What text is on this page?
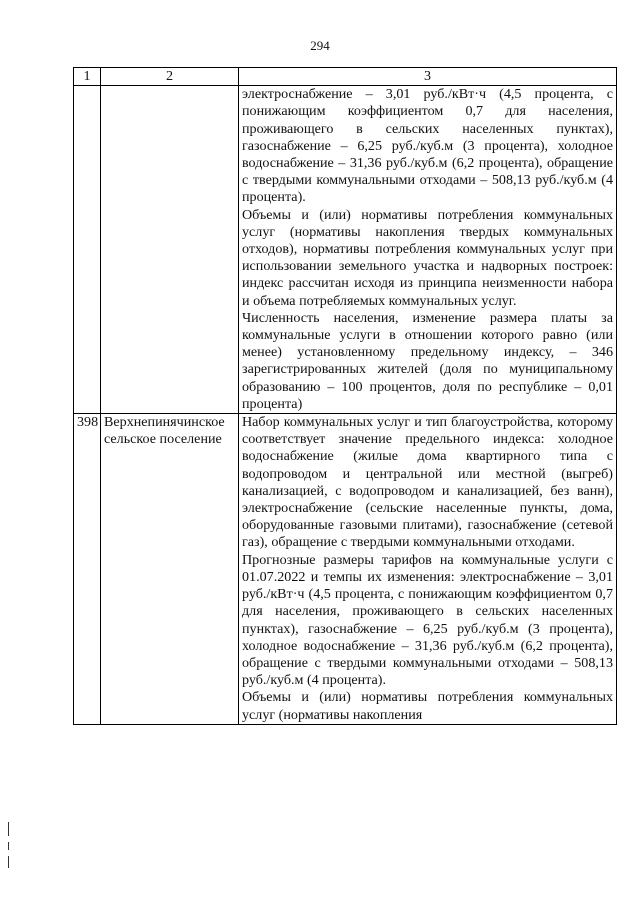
294
1	2	3

		электроснабжение – 3,01 руб./кВт·ч (4,5 процента, с понижающим коэффициентом 0,7 для населения, проживающего в сельских населенных пунктах), газоснабжение – 6,25 руб./куб.м (3 процента), холодное водоснабжение – 31,36 руб./куб.м (6,2 процента), обращение с твердыми коммунальными отходами – 508,13 руб./куб.м (4 процента).
Объемы и (или) нормативы потребления коммунальных услуг (нормативы накопления твердых коммунальных отходов), нормативы потребления коммунальных услуг при использовании земельного участка и надворных построек: индекс рассчитан исходя из принципа неизменности набора и объема потребляемых коммунальных услуг.
Численность населения, изменение размера платы за коммунальные услуги в отношении которого равно (или менее) установленному предельному индексу, – 346 зарегистрированных жителей (доля по муниципальному образованию – 100 процентов, доля по республике – 0,01 процента)

398	Верхнепинячинское сельское поселение	Набор коммунальных услуг и тип благоустройства, которому соответствует значение предельного индекса: холодное водоснабжение (жилые дома квартирного типа с водопроводом и центральной или местной (выгреб) канализацией, с водопроводом и канализацией, без ванн), электроснабжение (сельские населенные пункты, дома, оборудованные газовыми плитами), газоснабжение (сетевой газ), обращение с твердыми коммунальными отходами.
Прогнозные размеры тарифов на коммунальные услуги с 01.07.2022 и темпы их изменения: электроснабжение – 3,01 руб./кВт·ч (4,5 процента, с понижающим коэффициентом 0,7 для населения, проживающего в сельских населенных пунктах), газоснабжение – 6,25 руб./куб.м (3 процента), холодное водоснабжение – 31,36 руб./куб.м (6,2 процента), обращение с твердыми коммунальными отходами – 508,13 руб./куб.м (4 процента).
Объемы и (или) нормативы потребления коммунальных услуг (нормативы накопления
